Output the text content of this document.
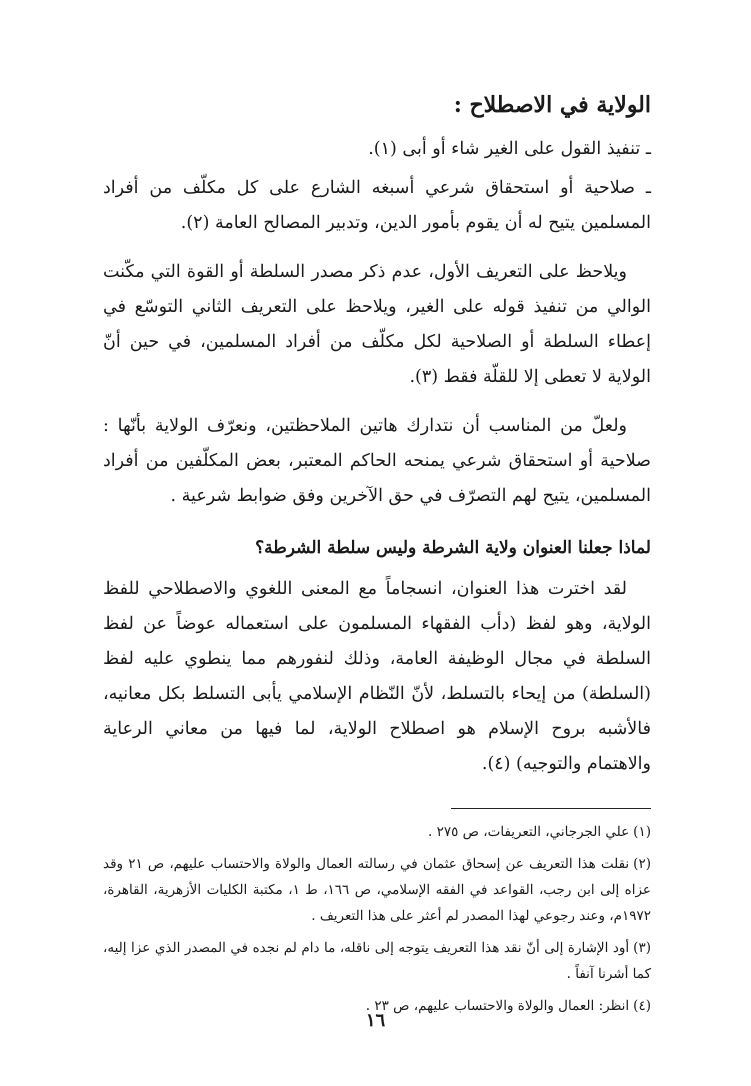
الولاية في الاصطلاح :

ـ تنفيذ القول على الغير شاء أو أبى (١).

ـ صلاحية أو استحقاق شرعي أسبغه الشارع على كل مكلّف من أفراد المسلمين يتيح له أن يقوم بأمور الدين، وتدبير المصالح العامة (٢).

ويلاحظ على التعريف الأول، عدم ذكر مصدر السلطة أو القوة التي مكّنت الوالي من تنفيذ قوله على الغير، ويلاحظ على التعريف الثاني التوسّع في إعطاء السلطة أو الصلاحية لكل مكلّف من أفراد المسلمين، في حين أنّ الولاية لا تعطى إلا للقلّة فقط (٣).

ولعلّ من المناسب أن نتدارك هاتين الملاحظتين، ونعرّف الولاية بأنّها : صلاحية أو استحقاق شرعي يمنحه الحاكم المعتبر، بعض المكلّفين من أفراد المسلمين، يتيح لهم التصرّف في حق الآخرين وفق ضوابط شرعية .

لماذا جعلنا العنوان ولاية الشرطة وليس سلطة الشرطة؟

لقد اخترت هذا العنوان، انسجاماً مع المعنى اللغوي والاصطلاحي للفظ الولاية، وهو لفظ (دأب الفقهاء المسلمون على استعماله عوضاً عن لفظ السلطة في مجال الوظيفة العامة، وذلك لنفورهم مما ينطوي عليه لفظ (السلطة) من إيحاء بالتسلط، لأنّ النّظام الإسلامي يأبى التسلط بكل معانيه، فالأشبه بروح الإسلام هو اصطلاح الولاية، لما فيها من معاني الرعاية والاهتمام والتوجيه) (٤).

(١)علي الجرجاني، التعريفات، ص ٢٧٥ .

(٢)نقلت هذا التعريف عن إسحاق عثمان في رسالته العمال والولاة والاحتساب عليهم، ص ٢١ وقد عزاه إلى ابن رجب، القواعد في الفقه الإسلامي، ص ١٦٦، ط ١، مكتبة الكليات الأزهرية، القاهرة، ١٩٧٢م، وعند رجوعي لهذا المصدر لم أعثر على هذا التعريف .

(٣)أود الإشارة إلى أنّ نقد هذا التعريف يتوجه إلى ناقله، ما دام لم نجده في المصدر الذي عزا إليه، كما أشرنا آنفاً .

(٤)انظر: العمال والولاة والاحتساب عليهم، ص ٢٣ .

١٦
